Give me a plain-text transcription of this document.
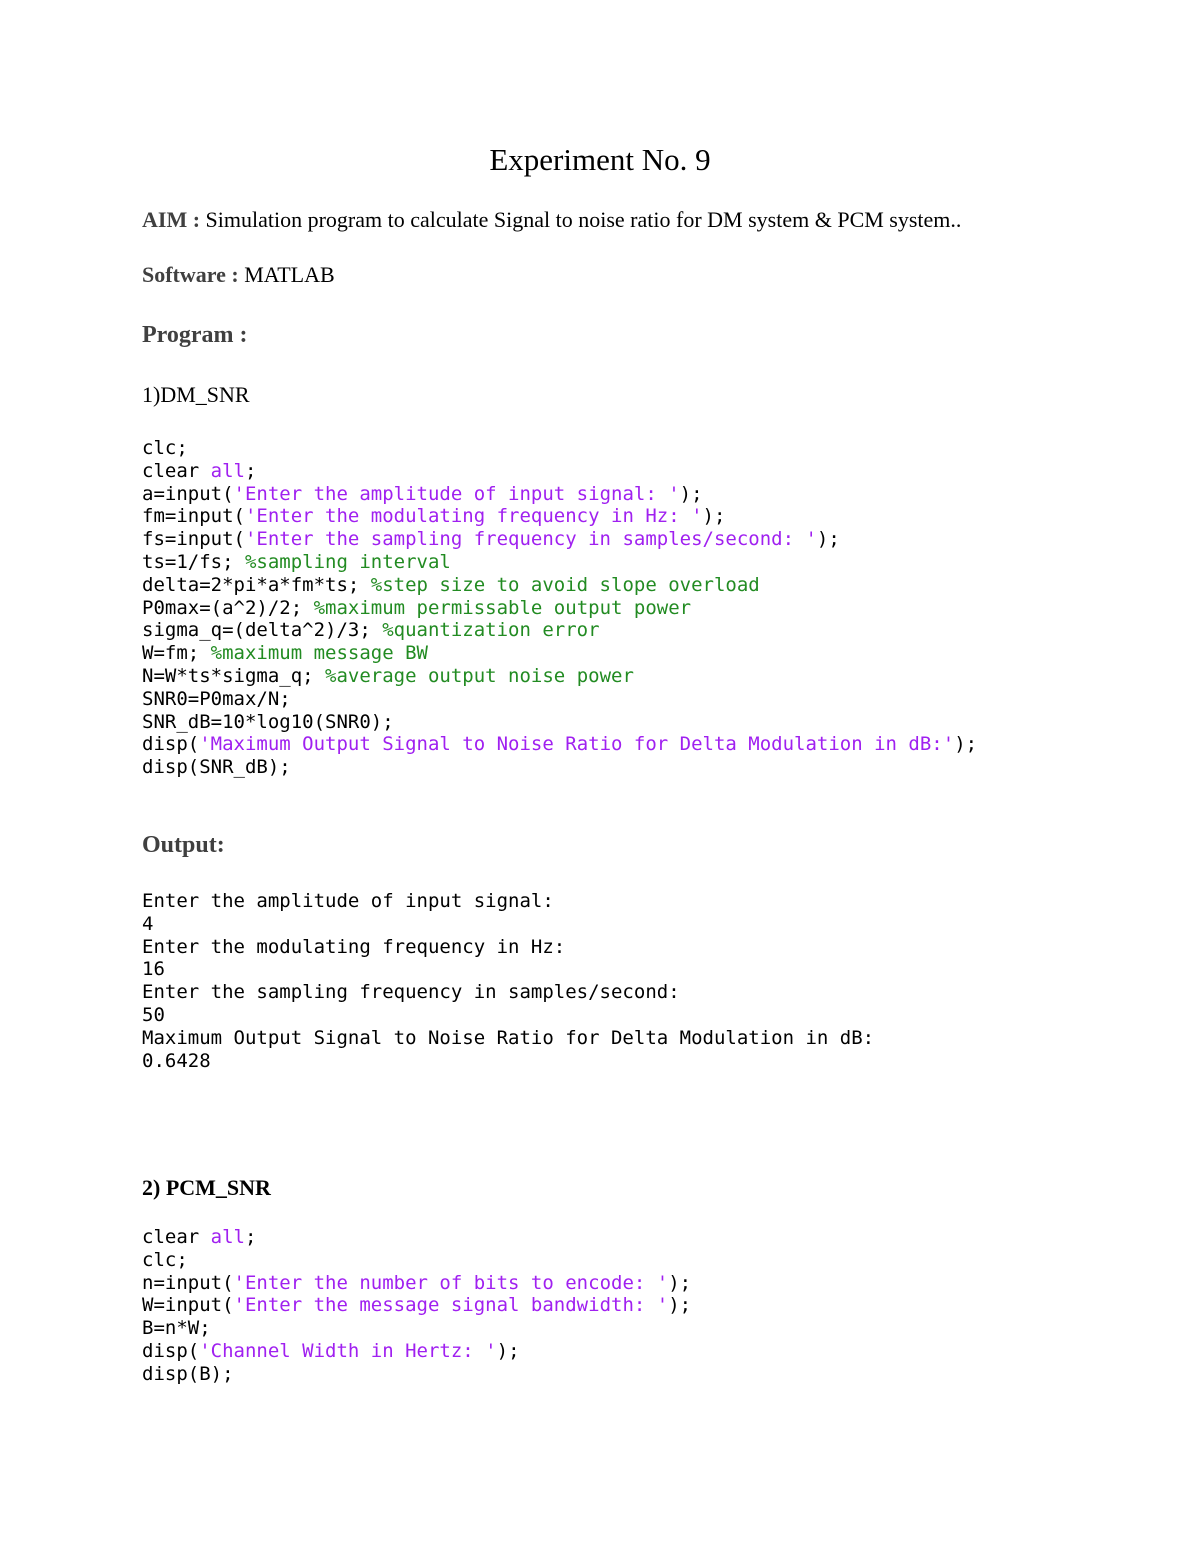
Experiment No. 9
AIM : Simulation program to calculate Signal to noise ratio for DM system & PCM system..
Software : MATLAB
Program :
1)DM_SNR
clc;
clear all;
a=input('Enter the amplitude of input signal: ');
fm=input('Enter the modulating frequency in Hz: ');
fs=input('Enter the sampling frequency in samples/second: ');
ts=1/fs; %sampling interval
delta=2*pi*a*fm*ts; %step size to avoid slope overload
P0max=(a^2)/2; %maximum permissable output power
sigma_q=(delta^2)/3; %quantization error
W=fm; %maximum message BW
N=W*ts*sigma_q; %average output noise power
SNR0=P0max/N;
SNR_dB=10*log10(SNR0);
disp('Maximum Output Signal to Noise Ratio for Delta Modulation in dB:');
disp(SNR_dB);
Output:
Enter the amplitude of input signal:
4
Enter the modulating frequency in Hz:
16
Enter the sampling frequency in samples/second:
50
Maximum Output Signal to Noise Ratio for Delta Modulation in dB:
0.6428
2) PCM_SNR
clear all;
clc;
n=input('Enter the number of bits to encode: ');
W=input('Enter the message signal bandwidth: ');
B=n*W;
disp('Channel Width in Hertz: ');
disp(B);
